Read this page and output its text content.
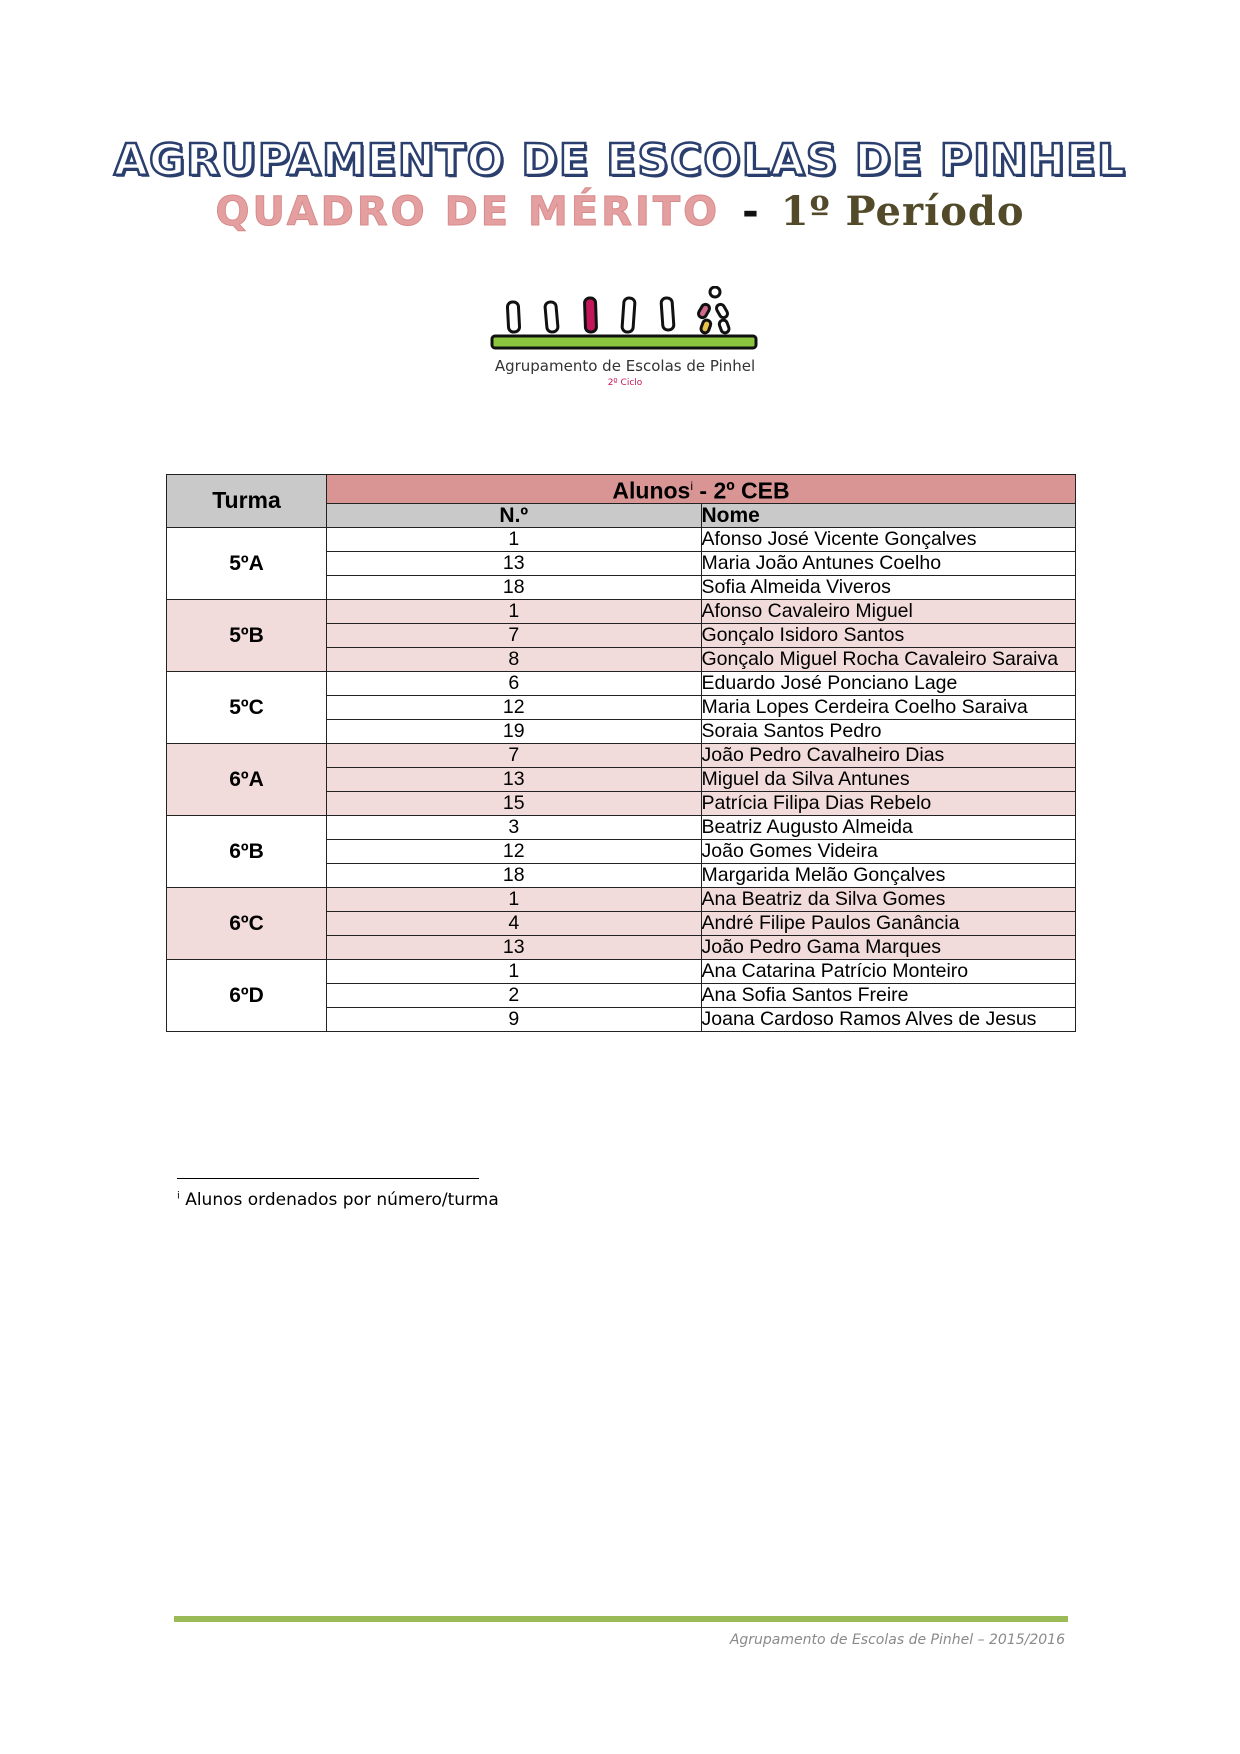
AGRUPAMENTO DE ESCOLAS DE PINHEL
QUADRO DE MÉRITO - 1º Período
Agrupamento de Escolas de Pinhel
2º Ciclo
Turma	Alunos$^i$ - 2º CEB	
	N.º	Nome
5ºA	1	Afonso José Vicente Gonçalves
	13	Maria João Antunes Coelho
	18	Sofia Almeida Viveros
5ºB	1	Afonso Cavaleiro Miguel
	7	Gonçalo Isidoro Santos
	8	Gonçalo Miguel Rocha Cavaleiro Saraiva
5ºC	6	Eduardo José Ponciano Lage
	12	Maria Lopes Cerdeira Coelho Saraiva
	19	Soraia Santos Pedro
6ºA	7	João Pedro Cavalheiro Dias
	13	Miguel da Silva Antunes
	15	Patrícia Filipa Dias Rebelo
6ºB	3	Beatriz Augusto Almeida
	12	João Gomes Videira
	18	Margarida Melão Gonçalves
6ºC	1	Ana Beatriz da Silva Gomes
	4	André Filipe Paulos Ganância
	13	João Pedro Gama Marques
6ºD	1	Ana Catarina Patrício Monteiro
	2	Ana Sofia Santos Freire
	9	Joana Cardoso Ramos Alves de Jesus
$^i$ Alunos ordenados por número/turma
Agrupamento de Escolas de Pinhel – 2015/2016
